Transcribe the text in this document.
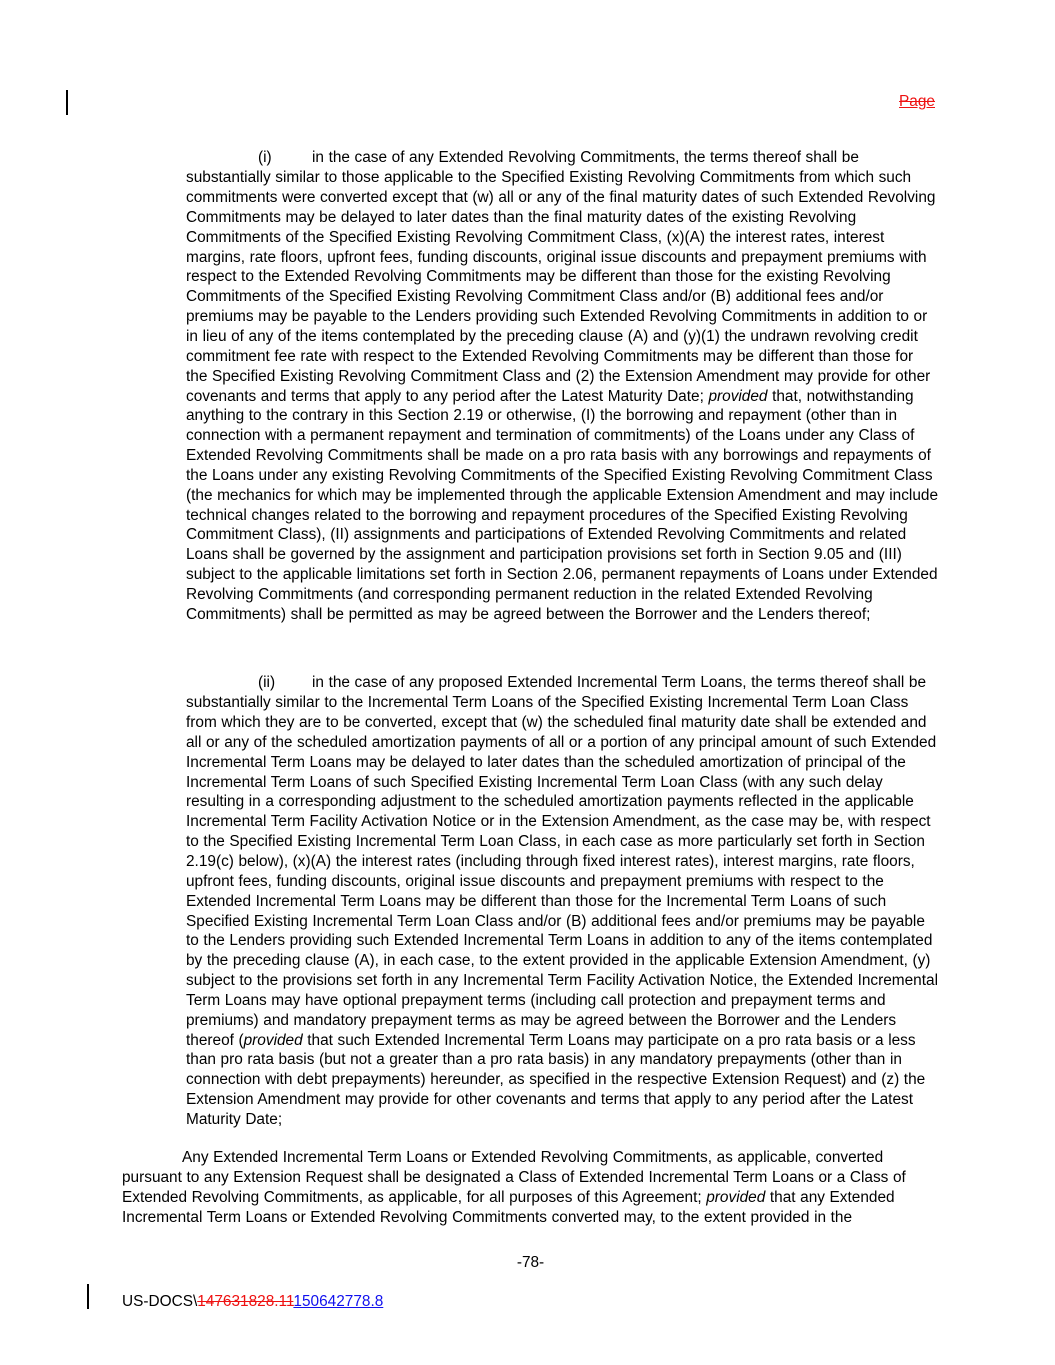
Page

(i)	in the case of any Extended Revolving Commitments, the terms thereof shall be substantially similar to those applicable to the Specified Existing Revolving Commitments from which such commitments were converted except that (w) all or any of the final maturity dates of such Extended Revolving Commitments may be delayed to later dates than the final maturity dates of the existing Revolving Commitments of the Specified Existing Revolving Commitment Class, (x)(A) the interest rates, interest margins, rate floors, upfront fees, funding discounts, original issue discounts and prepayment premiums with respect to the Extended Revolving Commitments may be different than those for the existing Revolving Commitments of the Specified Existing Revolving Commitment Class and/or (B) additional fees and/or premiums may be payable to the Lenders providing such Extended Revolving Commitments in addition to or in lieu of any of the items contemplated by the preceding clause (A) and (y)(1) the undrawn revolving credit commitment fee rate with respect to the Extended Revolving Commitments may be different than those for the Specified Existing Revolving Commitment Class and (2) the Extension Amendment may provide for other covenants and terms that apply to any period after the Latest Maturity Date; provided that, notwithstanding anything to the contrary in this Section 2.19 or otherwise, (I) the borrowing and repayment (other than in connection with a permanent repayment and termination of commitments) of the Loans under any Class of Extended Revolving Commitments shall be made on a pro rata basis with any borrowings and repayments of the Loans under any existing Revolving Commitments of the Specified Existing Revolving Commitment Class (the mechanics for which may be implemented through the applicable Extension Amendment and may include technical changes related to the borrowing and repayment procedures of the Specified Existing Revolving Commitment Class), (II) assignments and participations of Extended Revolving Commitments and related Loans shall be governed by the assignment and participation provisions set forth in Section 9.05 and (III) subject to the applicable limitations set forth in Section 2.06, permanent repayments of Loans under Extended Revolving Commitments (and corresponding permanent reduction in the related Extended Revolving Commitments) shall be permitted as may be agreed between the Borrower and the Lenders thereof;

(ii) in the case of any proposed Extended Incremental Term Loans, the terms thereof shall be substantially similar to the Incremental Term Loans of the Specified Existing Incremental Term Loan Class from which they are to be converted, except that (w) the scheduled final maturity date shall be extended and all or any of the scheduled amortization payments of all or a portion of any principal amount of such Extended Incremental Term Loans may be delayed to later dates than the scheduled amortization of principal of the Incremental Term Loans of such Specified Existing Incremental Term Loan Class (with any such delay resulting in a corresponding adjustment to the scheduled amortization payments reflected in the applicable Incremental Term Facility Activation Notice or in the Extension Amendment, as the case may be, with respect to the Specified Existing Incremental Term Loan Class, in each case as more particularly set forth in Section 2.19(c) below), (x)(A) the interest rates (including through fixed interest rates), interest margins, rate floors, upfront fees, funding discounts, original issue discounts and prepayment premiums with respect to the Extended Incremental Term Loans may be different than those for the Incremental Term Loans of such Specified Existing Incremental Term Loan Class and/or (B) additional fees and/or premiums may be payable to the Lenders providing such Extended Incremental Term Loans in addition to any of the items contemplated by the preceding clause (A), in each case, to the extent provided in the applicable Extension Amendment, (y) subject to the provisions set forth in any Incremental Term Facility Activation Notice, the Extended Incremental Term Loans may have optional prepayment terms (including call protection and prepayment terms and premiums) and mandatory prepayment terms as may be agreed between the Borrower and the Lenders thereof (provided that such Extended Incremental Term Loans may participate on a pro rata basis or a less than pro rata basis (but not a greater than a pro rata basis) in any mandatory prepayments (other than in connection with debt prepayments) hereunder, as specified in the respective Extension Request) and (z) the Extension Amendment may provide for other covenants and terms that apply to any period after the Latest Maturity Date;

Any Extended Incremental Term Loans or Extended Revolving Commitments, as applicable, converted pursuant to any Extension Request shall be designated a Class of Extended Incremental Term Loans or a Class of Extended Revolving Commitments, as applicable, for all purposes of this Agreement; provided that any Extended Incremental Term Loans or Extended Revolving Commitments converted may, to the extent provided in the

-78-
US-DOCS\147631828.11150642778.8
